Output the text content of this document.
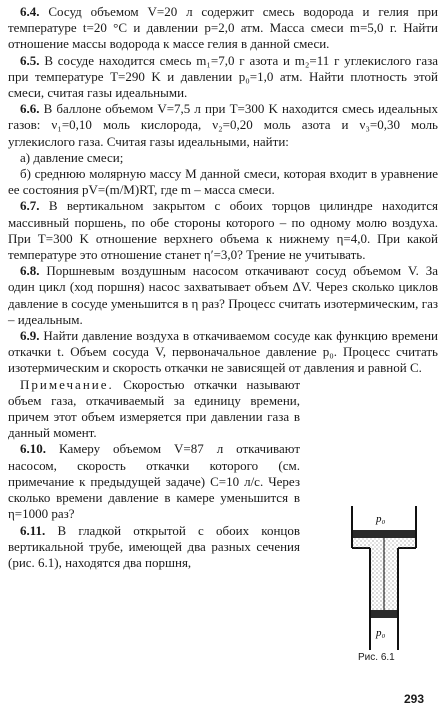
6.4. Сосуд объемом V=20 л содержит смесь водорода и гелия при температуре t=20 °C и давлении p=2,0 атм. Масса смеси m=5,0 г. Найти отношение массы водорода к массе гелия в данной смеси.

6.5. В сосуде находится смесь m₁=7,0 г азота и m₂=11 г углекислого газа при температуре T=290 K и давлении p₀=1,0 атм. Найти плотность этой смеси, считая газы идеальными.

6.6. В баллоне объемом V=7,5 л при T=300 K находится смесь идеальных газов: ν₁=0,10 моль кислорода, ν₂=0,20 моль азота и ν₃=0,30 моль углекислого газа. Считая газы идеальными, найти:

а) давление смеси;

б) среднюю молярную массу M данной смеси, которая входит в уравнение ее состояния pV=(m/M)RT, где m – масса смеси.

6.7. В вертикальном закрытом с обоих торцов цилиндре находится массивный поршень, по обе стороны которого – по одному молю воздуха. При T=300 K отношение верхнего объема к нижнему η=4,0. При какой температуре это отношение станет η′=3,0? Трение не учитывать.

6.8. Поршневым воздушным насосом откачивают сосуд объемом V. За один цикл (ход поршня) насос захватывает объем ΔV. Через сколько циклов давление в сосуде уменьшится в η раз? Процесс считать изотермическим, газ – идеальным.

6.9. Найти давление воздуха в откачиваемом сосуде как функцию времени откачки t. Объем сосуда V, первоначальное давление p₀. Процесс считать изотермическим и скорость откачки не зависящей от давления и равной C.

Примечание. Скоростью откачки называют объем газа, откачиваемый за единицу времени, причем этот объем измеряется при давлении газа в данный момент.

6.10. Камеру объемом V=87 л откачивают насосом, скорость откачки которого (см. примечание к предыдущей задаче) C=10 л/с. Через сколько времени давление в камере уменьшится в η=1000 раз?

6.11. В гладкой открытой с обоих концов вертикальной трубе, имеющей два разных сечения (рис. 6.1), находятся два поршня,

p₀
p₀
Рис. 6.1
293
